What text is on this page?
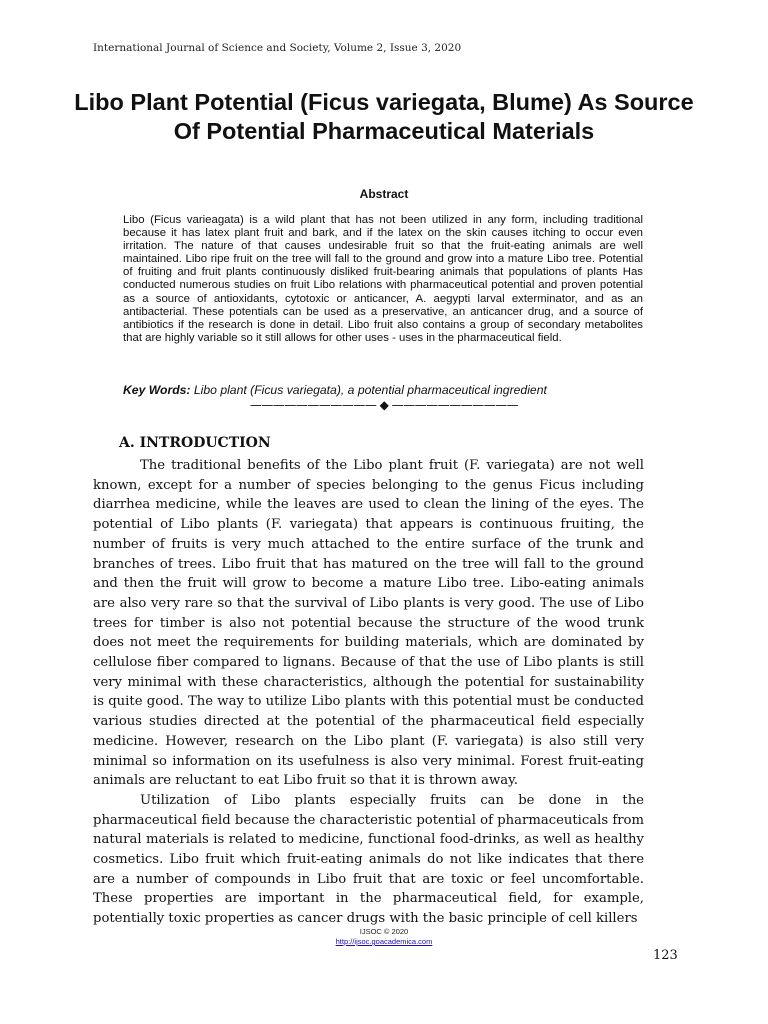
International Journal of Science and Society, Volume 2, Issue 3, 2020
Libo Plant Potential (Ficus variegata, Blume) As Source Of Potential Pharmaceutical Materials
Abstract
Libo (Ficus varieagata) is a wild plant that has not been utilized in any form, including traditional because it has latex plant fruit and bark, and if the latex on the skin causes itching to occur even irritation. The nature of that causes undesirable fruit so that the fruit-eating animals are well maintained. Libo ripe fruit on the tree will fall to the ground and grow into a mature Libo tree. Potential of fruiting and fruit plants continuously disliked fruit-bearing animals that populations of plants Has conducted numerous studies on fruit Libo relations with pharmaceutical potential and proven potential as a source of antioxidants, cytotoxic or anticancer, A. aegypti larval exterminator, and as an antibacterial. These potentials can be used as a preservative, an anticancer drug, and a source of antibiotics if the research is done in detail. Libo fruit also contains a group of secondary metabolites that are highly variable so it still allows for other uses - uses in the pharmaceutical field.
Key Words: Libo plant (Ficus variegata), a potential pharmaceutical ingredient
——————————— ◆ ———————————
A. INTRODUCTION

The traditional benefits of the Libo plant fruit (F. variegata) are not well known, except for a number of species belonging to the genus Ficus including diarrhea medicine, while the leaves are used to clean the lining of the eyes. The potential of Libo plants (F. variegata) that appears is continuous fruiting, the number of fruits is very much attached to the entire surface of the trunk and branches of trees. Libo fruit that has matured on the tree will fall to the ground and then the fruit will grow to become a mature Libo tree. Libo-eating animals are also very rare so that the survival of Libo plants is very good. The use of Libo trees for timber is also not potential because the structure of the wood trunk does not meet the requirements for building materials, which are dominated by cellulose fiber compared to lignans. Because of that the use of Libo plants is still very minimal with these characteristics, although the potential for sustainability is quite good. The way to utilize Libo plants with this potential must be conducted various studies directed at the potential of the pharmaceutical field especially medicine. However, research on the Libo plant (F. variegata) is also still very minimal so information on its usefulness is also very minimal. Forest fruit-eating animals are reluctant to eat Libo fruit so that it is thrown away.

Utilization of Libo plants especially fruits can be done in the pharmaceutical field because the characteristic potential of pharmaceuticals from natural materials is related to medicine, functional food-drinks, as well as healthy cosmetics. Libo fruit which fruit-eating animals do not like indicates that there are a number of compounds in Libo fruit that are toxic or feel uncomfortable. These properties are important in the pharmaceutical field, for example, potentially toxic properties as cancer drugs with the basic principle of cell killers

IJSOC © 2020
http://ijsoc.goacademica.com
123
